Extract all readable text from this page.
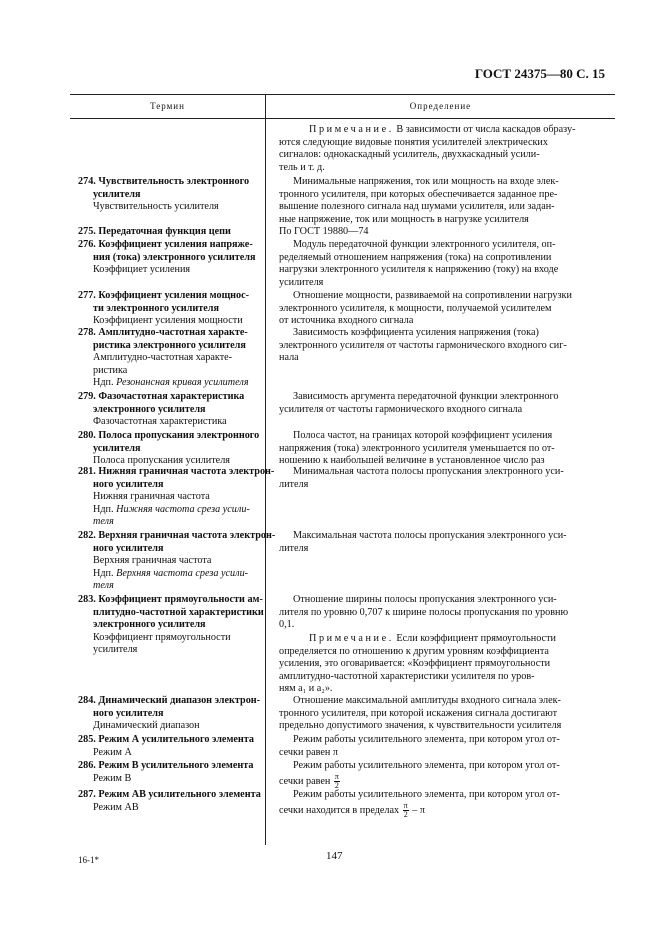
ГОСТ 24375—80 С. 15
Термин	Определение

Примечание. В зависимости от числа каскадов образу-

ются следующие видовые понятия усилителей электрических

сигналов: однокаскадный усилитель, двухкаскадный усили-

тель и т. д.

274. Чувствительность электронного
усилителя
Чувствительность усилителя
275. Передаточная функция цепи
276. Коэффициент усиления напряже-
ния (тока) электронного усилителя
Коэффициет усиления
277. Коэффициент усиления мощнос-
ти электронного усилителя
Коэффициент усиления мощности
278. Амплитудно-частотная характе-
ристика электронного усилителя
Амплитудно-частотная характе-
ристика
Ндп. Резонансная кривая усилителя
279. Фазочастотная характеристика
электронного усилителя
Фазочастотная характеристика
280. Полоса пропускания электронного
усилителя
Полоса пропускания усилителя
281. Нижняя граничная частота электрон-
ного усилителя
Нижняя граничная частота
Ндп. Нижняя частота среза усили-
теля
282. Верхняя граничная частота электрон-
ного усилителя
Верхняя граничная частота
Ндп. Верхняя частота среза усили-
теля
283. Коэффициент прямоугольности ам-
плитудно-частотной характеристики
электронного усилителя
Коэффициент прямоугольности
усилителя
284. Динамический диапазон электрон-
ного усилителя
Динамический диапазон
285. Режим А усилительного элемента
Режим А
286. Режим В усилительного элемента
Режим В
287. Режим АВ усилительного элемента
Режим АВ

Минимальные напряжения, ток или мощность на входе элек-

тронного усилителя, при которых обеспечивается заданное пре-

вышение полезного сигнала над шумами усилителя, или задан-

ные напряжение, ток или мощность в нагрузке усилителя

По ГОСТ 19880—74

Модуль передаточной функции электронного усилителя, оп-

ределяемый отношением напряжения (тока) на сопротивлении

нагрузки электронного усилителя к напряжению (току) на входе

усилителя

Отношение мощности, развиваемой на сопротивлении нагрузки

электронного усилителя, к мощности, получаемой усилителем

от источника входного сигнала

Зависимость коэффициента усиления напряжения (тока)

электронного усилителя от частоты гармонического входного сиг-

нала

Зависимость аргумента передаточной функции электронного

усилителя от частоты гармонического входного сигнала

Полоса частот, на границах которой коэффициент усиления

напряжения (тока) электронного усилителя уменьшается по от-

ношению к наибольшей величине в установленное число раз

Минимальная частота полосы пропускания электронного уси-

лителя

Максимальная частота полосы пропускания электронного уси-

лителя

Отношение ширины полосы пропускания электронного уси-

лителя по уровню 0,707 к ширине полосы пропускания по уровню

0,1.

Примечание. Если коэффициент прямоугольности

определяется по отношению к другим уровням коэффициента

усиления, это оговаривается: «Коэффициент прямоугольности

амплитудно-частотной характеристики усилителя по уров-

ням a₁ и a₂».

Отношение максимальной амплитуды входного сигнала элек-

тронного усилителя, при которой искажения сигнала достигают

предельно допустимого значения, к чувствительности усилителя

Режим работы усилительного элемента, при котором угол от-

сечки равен π

Режим работы усилительного элемента, при котором угол от-

сечки равен $\frac{\pi}{2}$

Режим работы усилительного элемента, при котором угол от-

сечки находится в пределах $\frac{\pi}{2}$ – π

16-1*	147
